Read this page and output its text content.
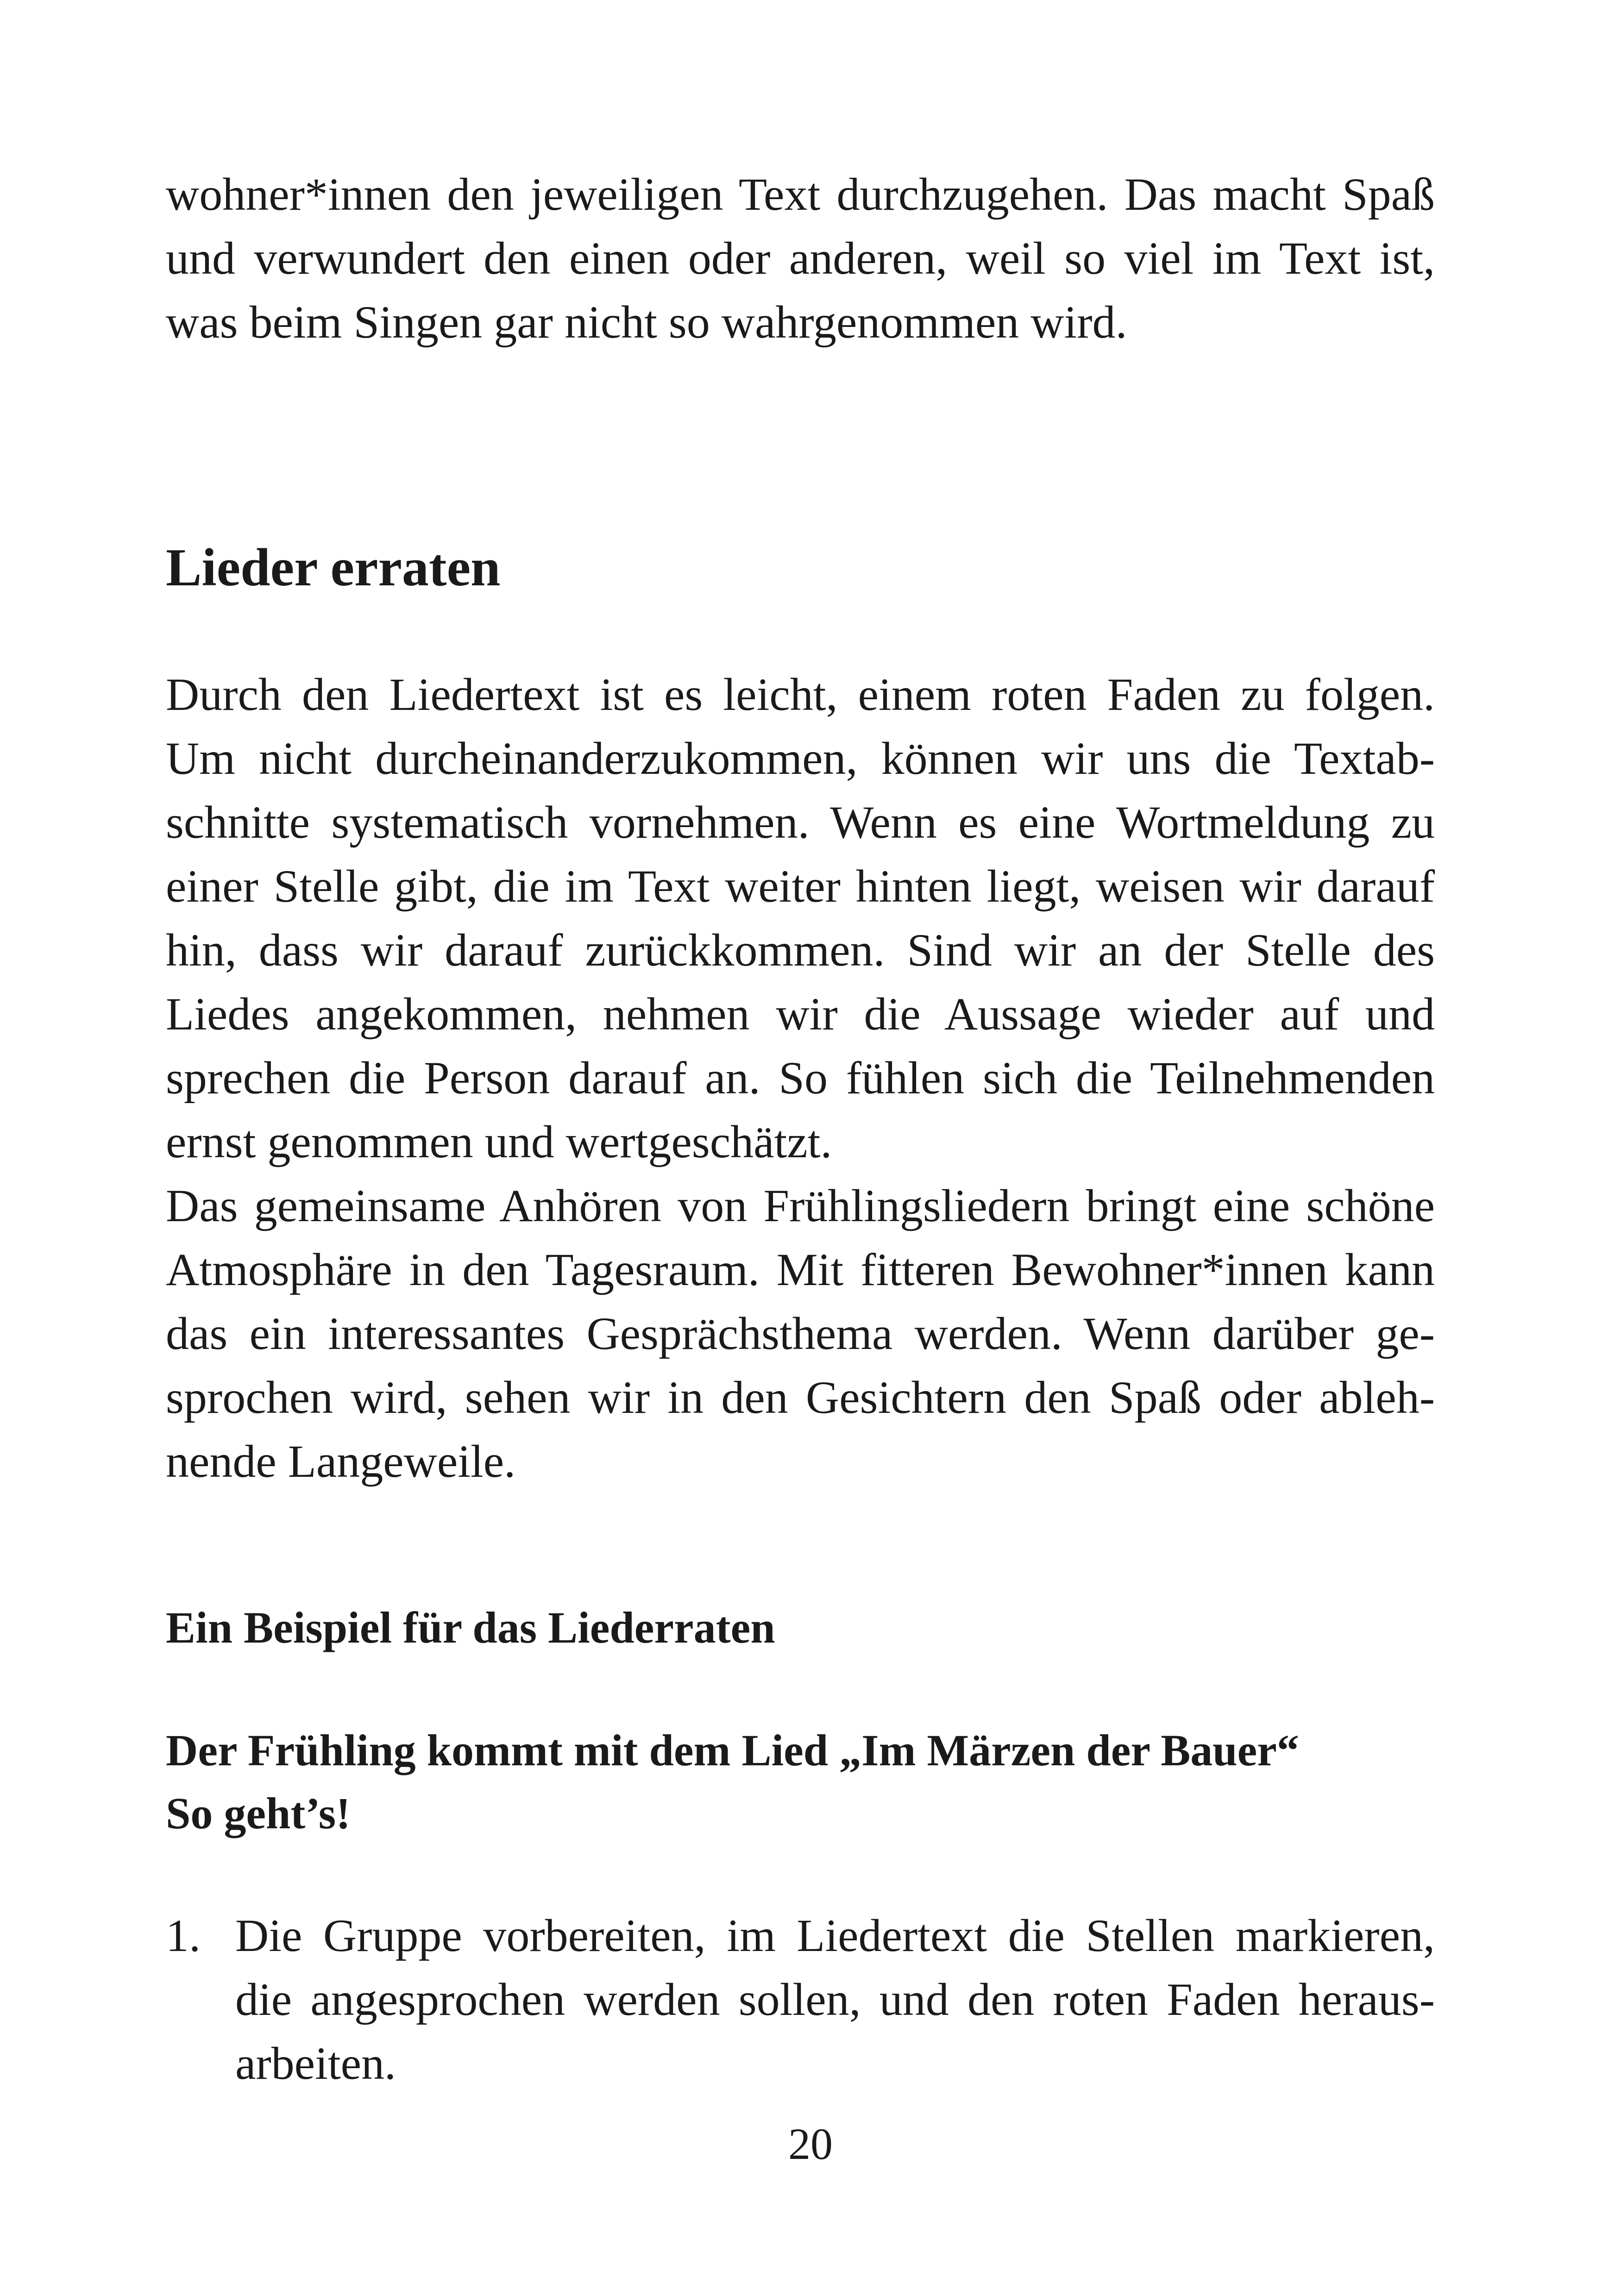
wohner*innen den jeweiligen Text durchzugehen. Das macht Spaß
und verwundert den einen oder anderen, weil so viel im Text ist,
was beim Singen gar nicht so wahrgenommen wird.
Lieder erraten
Durch den Liedertext ist es leicht, einem roten Faden zu folgen.
Um nicht durcheinanderzukommen, können wir uns die Textab-
schnitte systematisch vornehmen. Wenn es eine Wortmeldung zu
einer Stelle gibt, die im Text weiter hinten liegt, weisen wir darauf
hin, dass wir darauf zurückkommen. Sind wir an der Stelle des
Liedes angekommen, nehmen wir die Aussage wieder auf und
sprechen die Person darauf an. So fühlen sich die Teilnehmenden
ernst genommen und wertgeschätzt.
Das gemeinsame Anhören von Frühlingsliedern bringt eine schöne
Atmosphäre in den Tagesraum. Mit fitteren Bewohner*innen kann
das ein interessantes Gesprächsthema werden. Wenn darüber ge-
sprochen wird, sehen wir in den Gesichtern den Spaß oder ableh-
nende Langeweile.
Ein Beispiel für das Liederraten
Der Frühling kommt mit dem Lied „Im Märzen der Bauer“
So geht’s!
1. Die Gruppe vorbereiten, im Liedertext die Stellen markieren,
die angesprochen werden sollen, und den roten Faden heraus-
arbeiten.
20
